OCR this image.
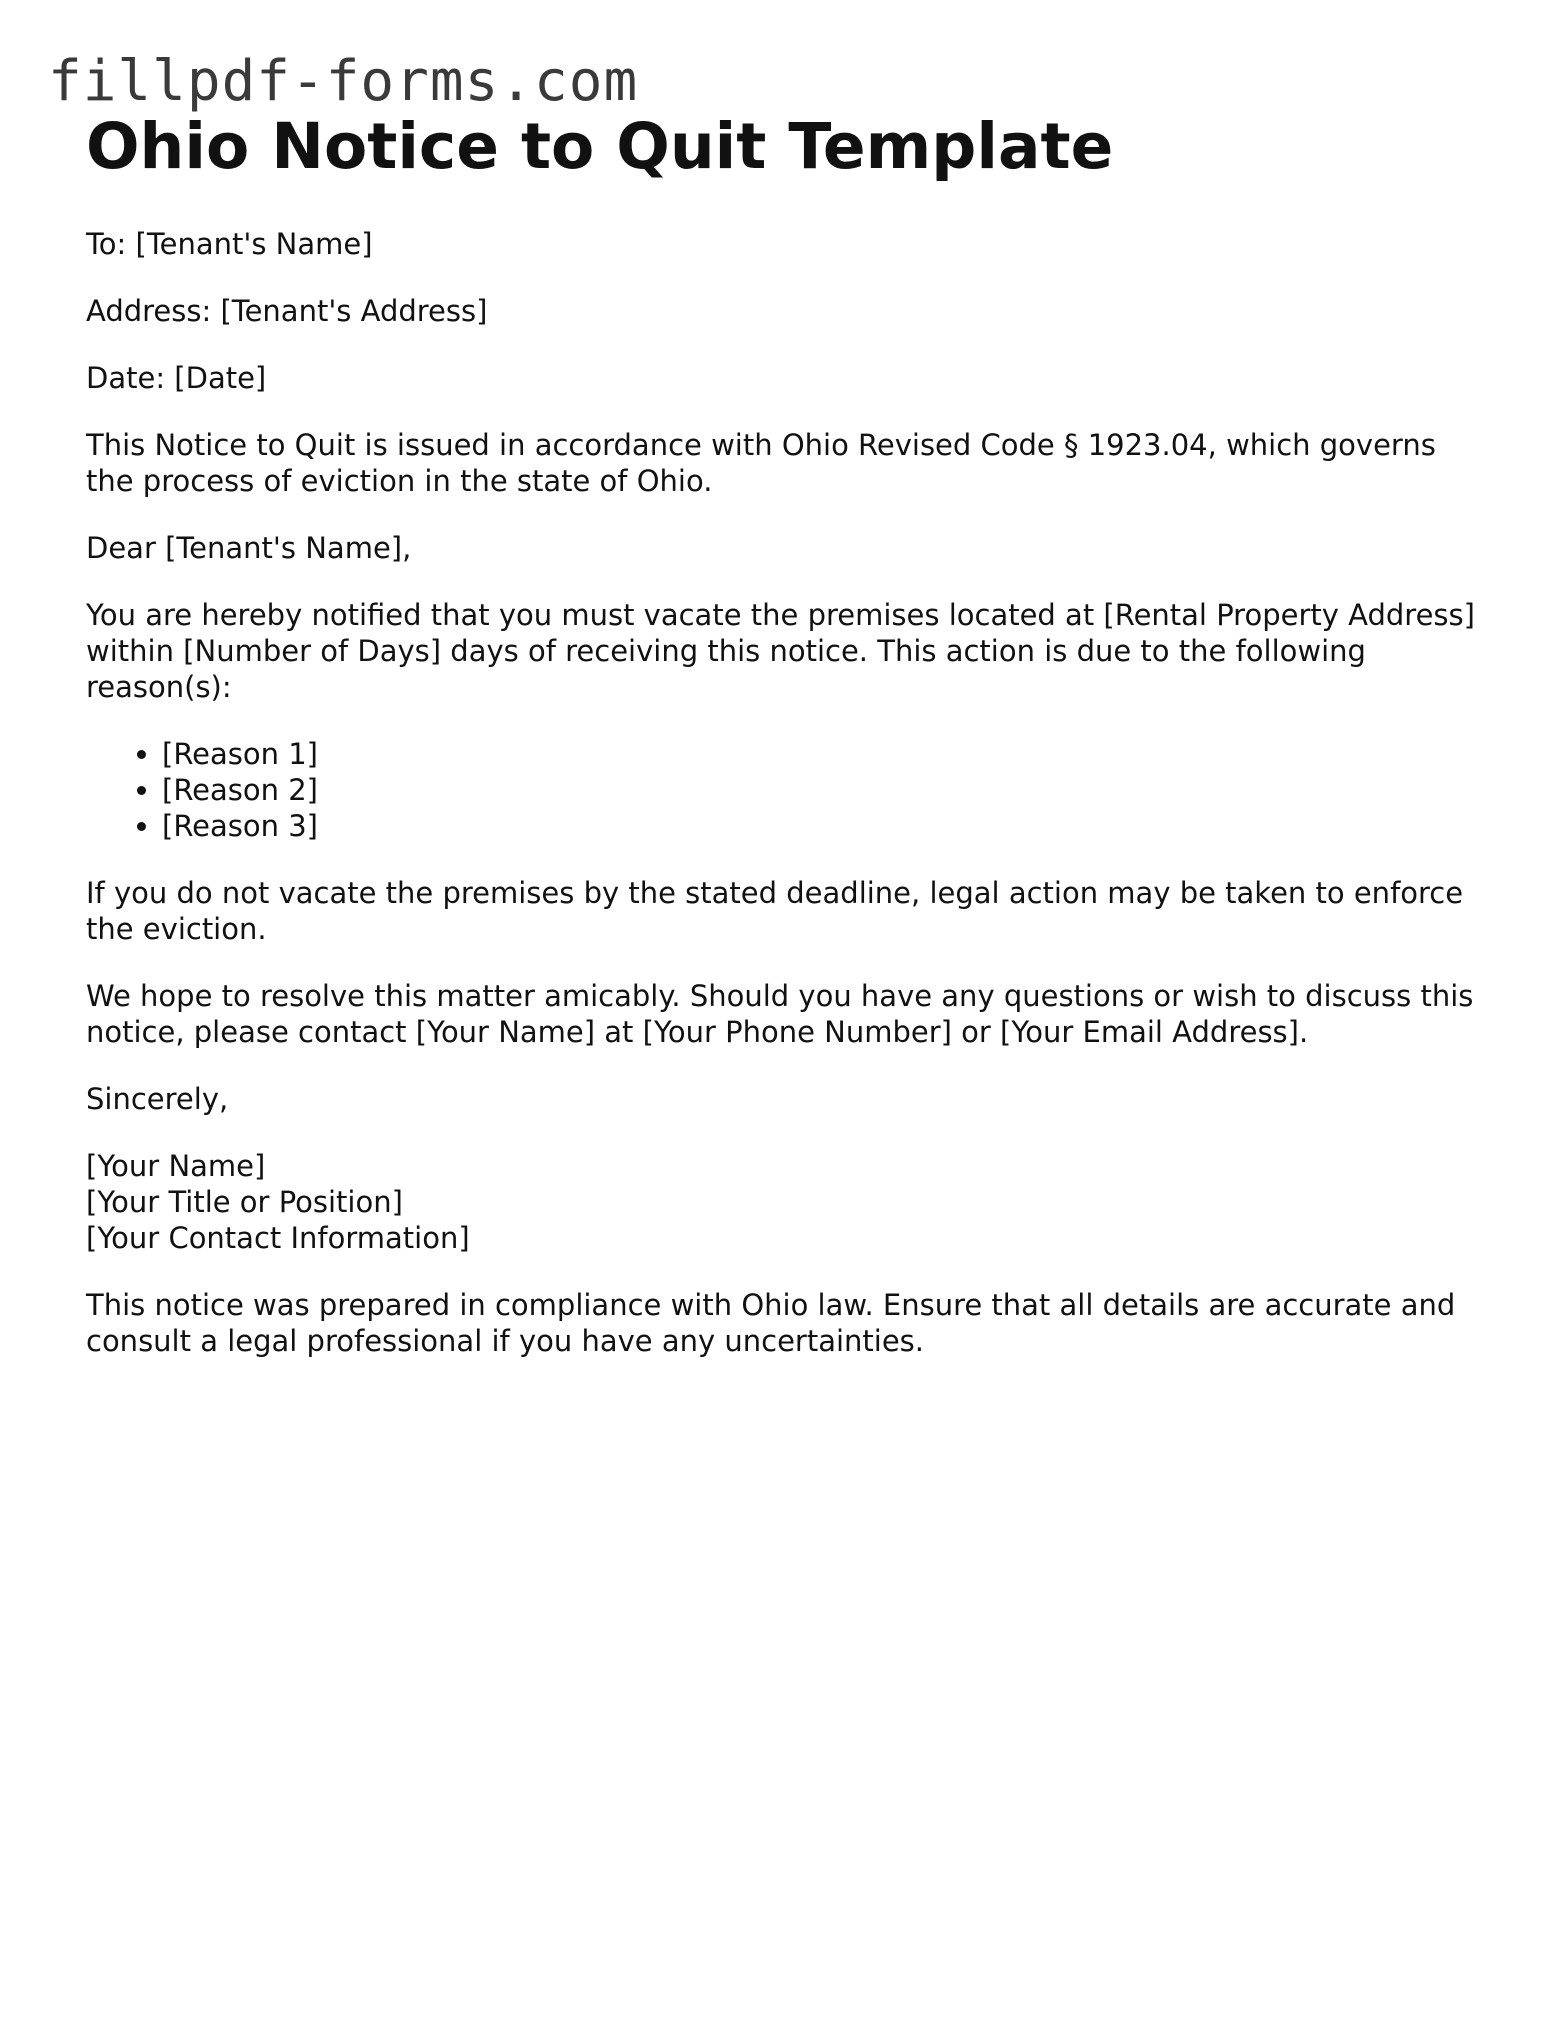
fillpdf-forms.com
Ohio Notice to Quit Template

To: [Tenant's Name]

Address: [Tenant's Address]

Date: [Date]

This Notice to Quit is issued in accordance with Ohio Revised Code § 1923.04, which governs the process of eviction in the state of Ohio.

Dear [Tenant's Name],

You are hereby notified that you must vacate the premises located at [Rental Property Address] within [Number of Days] days of receiving this notice. This action is due to the following reason(s):

• [Reason 1]
• [Reason 2]
• [Reason 3]

If you do not vacate the premises by the stated deadline, legal action may be taken to enforce the eviction.

We hope to resolve this matter amicably. Should you have any questions or wish to discuss this notice, please contact [Your Name] at [Your Phone Number] or [Your Email Address].

Sincerely,

[Your Name]
[Your Title or Position]
[Your Contact Information]

This notice was prepared in compliance with Ohio law. Ensure that all details are accurate and consult a legal professional if you have any uncertainties.
